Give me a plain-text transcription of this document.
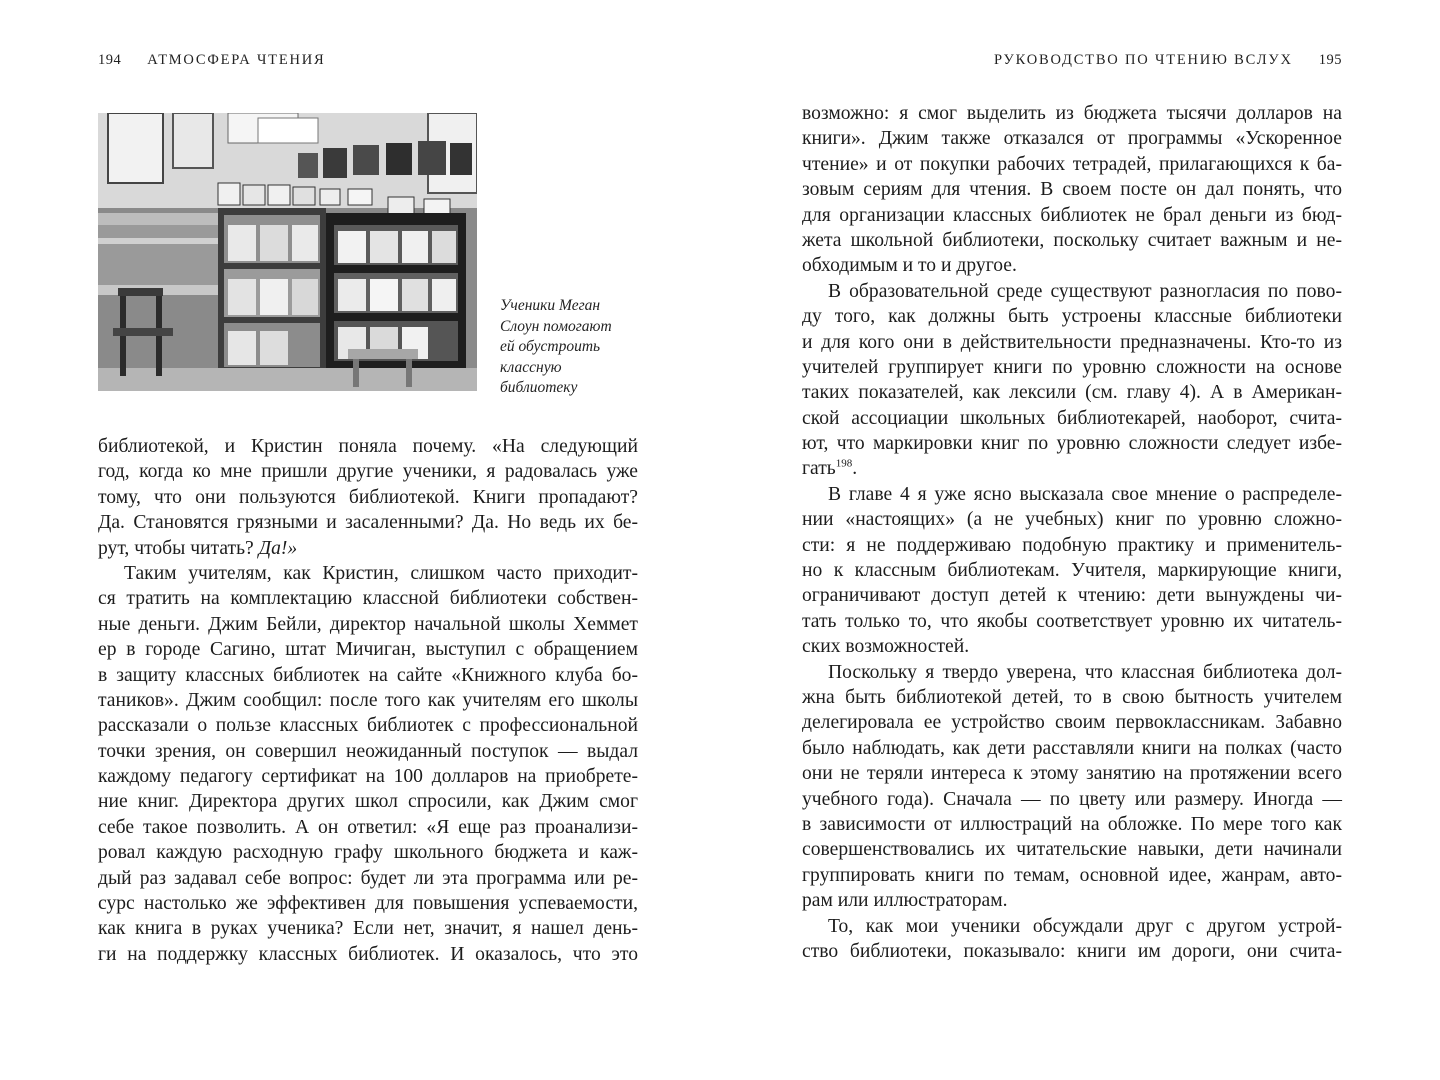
194 АТМОСФЕРА ЧТЕНИЯ	РУКОВОДСТВО ПО ЧТЕНИЮ ВСЛУХ 195
Ученики Меган
Слоун помогают
ей обустроить
классную
библиотеку
библиотекой, и Кристин поняла почему. «На следующий
год, когда ко мне пришли другие ученики, я радовалась уже
тому, что они пользуются библиотекой. Книги пропадают?
Да. Становятся грязными и засаленными? Да. Но ведь их бе-
рут, чтобы читать? Да!»
Таким учителям, как Кристин, слишком часто приходит-
ся тратить на комплектацию классной библиотеки собствен-
ные деньги. Джим Бейли, директор начальной школы Хеммет
ер в городе Сагино, штат Мичиган, выступил с обращением
в защиту классных библиотек на сайте «Книжного клуба бо-
таников». Джим сообщил: после того как учителям его школы
рассказали о пользе классных библиотек с профессиональной
точки зрения, он совершил неожиданный поступок — выдал
каждому педагогу сертификат на 100 долларов на приобрете-
ние книг. Директора других школ спросили, как Джим смог
себе такое позволить. А он ответил: «Я еще раз проанализи-
ровал каждую расходную графу школьного бюджета и каж-
дый раз задавал себе вопрос: будет ли эта программа или ре-
сурс настолько же эффективен для повышения успеваемости,
как книга в руках ученика? Если нет, значит, я нашел день-
ги на поддержку классных библиотек. И оказалось, что это
возможно: я смог выделить из бюджета тысячи долларов на
книги». Джим также отказался от программы «Ускоренное
чтение» и от покупки рабочих тетрадей, прилагающихся к ба-
зовым сериям для чтения. В своем посте он дал понять, что
для организации классных библиотек не брал деньги из бюд-
жета школьной библиотеки, поскольку считает важным и не-
обходимым и то и другое.
В образовательной среде существуют разногласия по пово-
ду того, как должны быть устроены классные библиотеки
и для кого они в действительности предназначены. Кто-то из
учителей группирует книги по уровню сложности на основе
таких показателей, как лексили (см. главу 4). А в Американ-
ской ассоциации школьных библиотекарей, наоборот, счита-
ют, что маркировки книг по уровню сложности следует избе-
гать$^{198}$.
В главе 4 я уже ясно высказала свое мнение о распределе-
нии «настоящих» (а не учебных) книг по уровню сложно-
сти: я не поддерживаю подобную практику и применитель-
но к классным библиотекам. Учителя, маркирующие книги,
ограничивают доступ детей к чтению: дети вынуждены чи-
тать только то, что якобы соответствует уровню их читатель-
ских возможностей.
Поскольку я твердо уверена, что классная библиотека дол-
жна быть библиотекой детей, то в свою бытность учителем
делегировала ее устройство своим первоклассникам. Забавно
было наблюдать, как дети расставляли книги на полках (часто
они не теряли интереса к этому занятию на протяжении всего
учебного года). Сначала — по цвету или размеру. Иногда —
в зависимости от иллюстраций на обложке. По мере того как
совершенствовались их читательские навыки, дети начинали
группировать книги по темам, основной идее, жанрам, авто-
рам или иллюстраторам.
То, как мои ученики обсуждали друг с другом устрой-
ство библиотеки, показывало: книги им дороги, они счита-
